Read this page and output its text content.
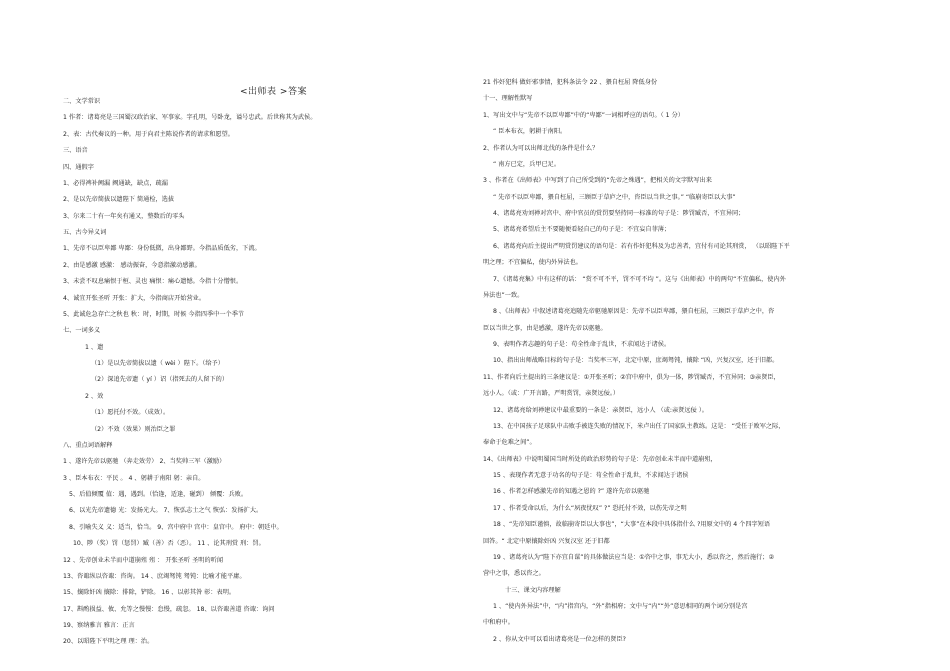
<出师表 >答案
二、文学常识
1 作者：诸葛亮是三国蜀汉政治家、军事家。字孔明，号卧龙，谥号忠武。后世称其为武侯。
2、表：古代奏议的一种。用于向君主陈说作者的请求和愿望。
三、语音
四、通假字
1、必得裨补阙漏 阙通缺，缺点，疏漏
2、是以先帝简拔以遗陛下 简通检，选拔
3、尔来二十有一年矣有通又，整数后的零头
五、古今异义词
1、先帝不以臣卑鄙 卑鄙：身份低微，出身鄙野。今指品质低劣，下流。
2、由是感激 感激： 感动振奋，今意指激动感激。
3、未尝不叹息痛恨于桓、灵也 痛恨：痛心遗憾。今指十分憎恨。
4、诚宜开张圣听 开张：扩大，今指商店开始营业。
5、此诚危急存亡之秋也 秋：时，时期，时候 今指四季中一个季节
七、一词多义
1 、遗
（1）是以先帝简拔以遗（ wèi ）陛下。（给予）
（2）深追先帝遗（ yí ）诏（指死去的人留下的）
2 、效
（1）愿托付不效。（成效）。
（2）不效（效果）则治臣之罪
八、重点词语解释
1 、遂许先帝以驱驰 （奔走效劳） 2、当奖帅三军（激励）
3 、臣本布衣：平民 。 4 、躬耕于南阳 躬：亲自。
5、后值倾覆 值：遇，遇到。（恰逢，适逢，碰到） 倾覆：兵败。
6、以光先帝遗德 光：发扬光大。 7、恢弘志士之气 恢弘：发扬扩大。
8、引喻失义 义：适当，恰当。 9、宫中府中 宫中：皇宫中。 府中：朝廷中。
10、陟（奖）罚（惩罚）臧（善）否（恶）。 11 、论其刑赏 刑：罚。
12 、先帝创业未半而中道崩殂 殂 ： 开张圣听 圣明的听闻
13、咨诹纵以咨诹：咨询。 14 、庶竭驽钝 驽钝：比喻才能平庸。
15、攘除奸凶 攘除：排除，铲除。 16 、以彰其咎 彰：表明。
17、斟酌损益、攸、允等之慢慢：怠慢，疏忽。 18、以咨诹善道 咨诹：询问
19、察纳雅言 雅言：正言
20、以昭陛下平明之理 理：治。
21 作奸犯科 做奸邪事情，犯科条法令 22 、猥自枉屈 降低身份
十一、理解性默写
1、写出文中与“先帝不以臣卑鄙”中的“卑鄙”一词相呼应的语句。（ 1 分）
“ 臣本布衣，躬耕于南阳。
2、作者认为可以出师北伐的条件是什么？
“ 南方已定，兵甲已足。
3 、作者在《出师表》中写到了自己所受到的“先帝之殊遇”，把相关的文字默写出来
“ 先帝不以臣卑鄙，猥自枉屈，三顾臣于草庐之中，咨臣以当世之事。” “临崩寄臣以大事”
4、诸葛亮劝刘禅对宫中、府中官员的赏罚要坚持同一标准的句子是：陟罚臧否，不宜异同；
5、诸葛亮希望后主不要随便看轻自己的句子是：不宜妄自菲薄；
6、诸葛亮向后主提出严明赏罚建议的语句是：若有作奸犯科及为忠善者，宜付有司论其刑赏， （以昭陛下平
明之理；不宜偏私，使内外异法也。
7、《诸葛亮集》中有这样的话： “赏不可不平，罚不可不均 ”。这与《出师表》中的两句“不宜偏私，使内外
异法也”一致。
8 、《出师表》中叙述诸葛亮追随先帝驱驰原因是：先帝不以臣卑鄙，猥自枉屈，三顾臣于草庐之中，咨
臣以当世之事，由是感激，遂许先帝以驱驰。
9、表明作者志趣的句子是：苟全性命于乱世，不求闻达于诸侯。
10、指出出师战略目标的句子是：当奖率三军，北定中原，庶竭驽钝，攘除 “凶，兴复汉室，还于旧都。
11、作者向后主提出的三条建议是：①开张圣听；②宫中府中，俱为一体，陟罚臧否，不宜异同；③亲贤臣，
远小人。（或：广开言路，严明赏罚，亲贤远佞。）
12、诸葛亮给刘禅建议中最重要的一条是：亲贤臣，远小人 （或:亲贤远佞 ）。
13、在中国孩子足球队中击败手被连失败的情况下，米卢出任了国家队主教练。这是： “受任于败军之际，
奉命于危难之间”。
14、《出师表》中说明蜀国当时所处的政治形势的句子是：先帝创业未半而中道崩殂，
15 、表现作者无意于功名的句子是：苟全性命于乱世，不求闻达于诸侯
16 、作者怎样感激先帝的知遇之恩的 ?” 遂许先帝以驱驰
17 、作者受命以后，为什么“夙夜忧叹” ?” 恐托付不效，以伤先帝之明
18 、“先帝知臣谨慎，故临崩寄臣以大事也”，“大事”在本段中具体指什么 ?用原文中的 4 个四字短语
回答。“ 北定中原攘除奸凶 兴复汉室 还于旧都
19 、诸葛亮认为“陛下亦宜自谋”的具体做法应当是：①咨中之事，事无大小，悉以咨之，然后施行；②
营中之事，悉以咨之。
十三、课文内容理解
1 、“使内外异法”中，“内”指宫内，“外”指相府；文中与“内”“外”意思相同的两个词分别是宫
中和府中。
2 、你从文中可以看出诸葛亮是一位怎样的贤臣?
